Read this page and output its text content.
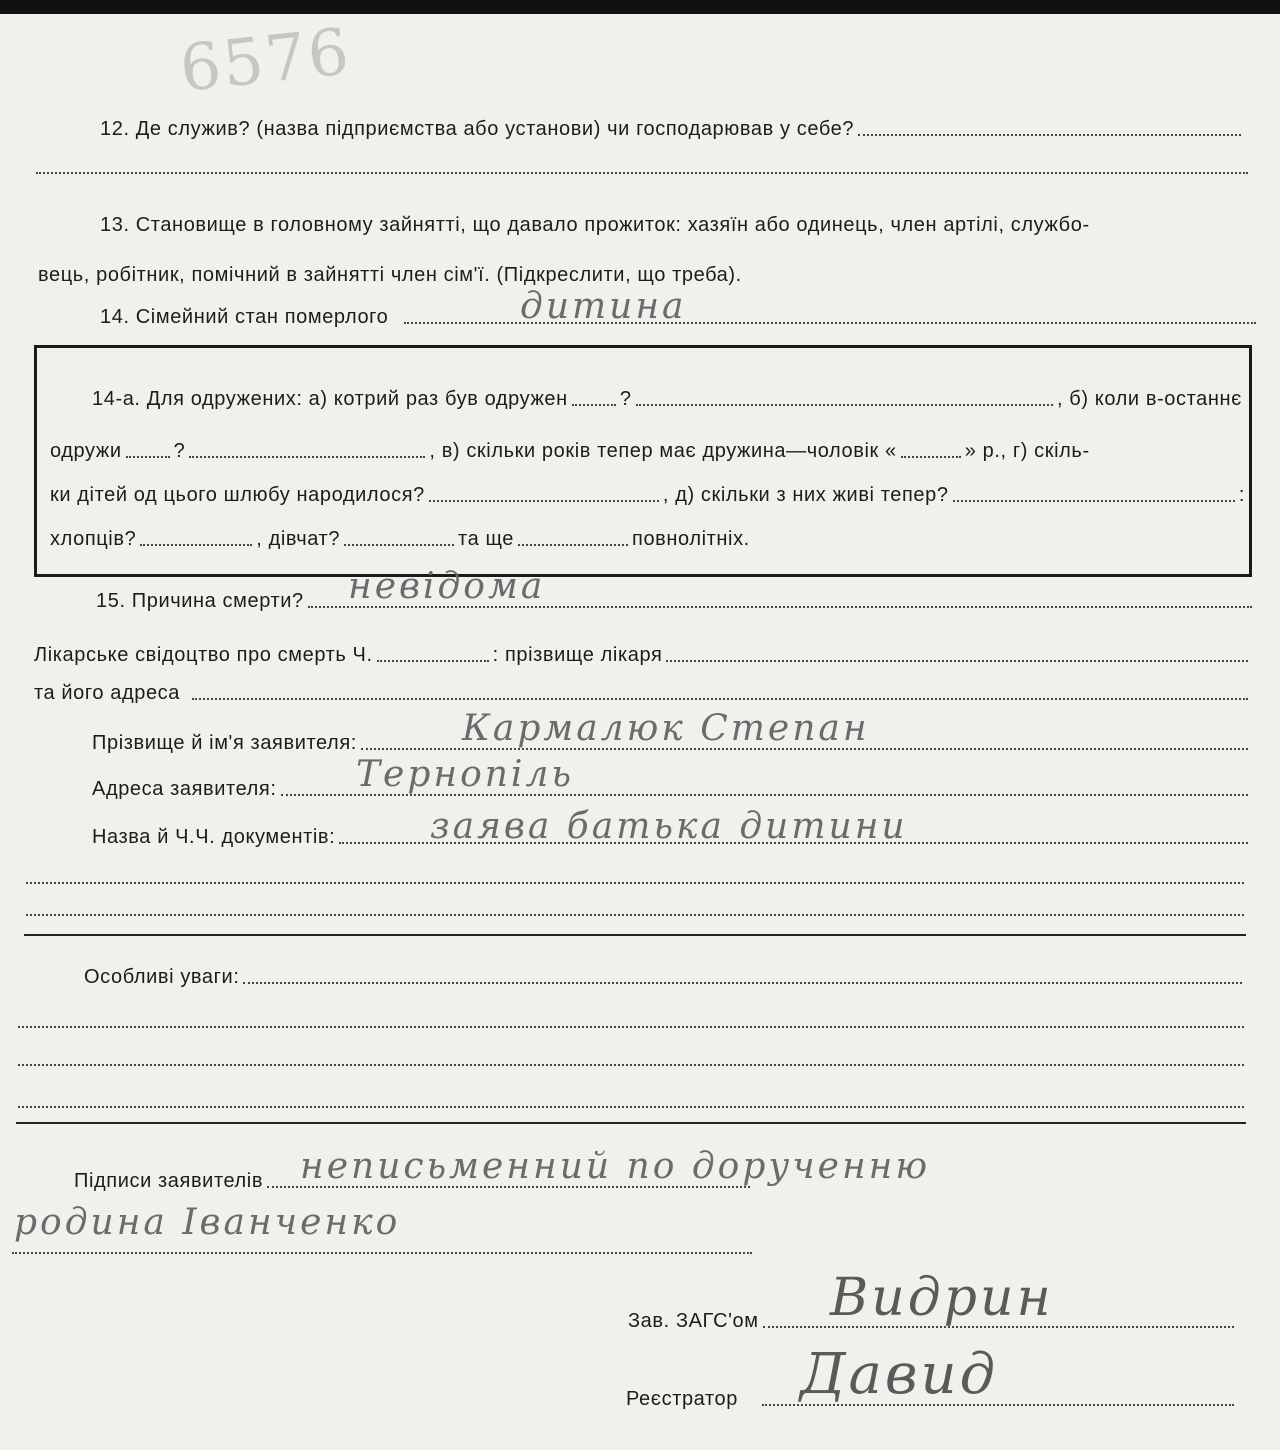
6576
12. Де служив? (назва підприємства або установи) чи господарював у себе?
13. Становище в головному зайнятті, що давало прожиток: хазяїн або одинець, член артілі, службо-
вець, робітник, помічний в зайнятті член сім'ї. (Підкреслити, що треба).
14. Сімейний стан померлого	дитина
14-а. Для одружених: а) котрий раз був одружен	?	, б) коли в-останнє
одружи	?	, в) скільки років тепер має дружина—чоловік «	» р., г) скіль-
ки дітей од цього шлюбу народилося?	, д) скільки з них живі тепер?	:
хлопців?	, дівчат?	та ще	повнолітніх.
15. Причина смерти? невідома
Лікарське свідоцтво про смерть Ч.	: прізвище лікаря
та його адреса
Прізвище й ім'я заявителя:	Кармалюк Степан
Адреса заявителя: Тернопіль
Назва й Ч.Ч. документів:	заява батька дитини
Особливі уваги:
Підписи заявителів неписьменний по дорученню
родина Іванченко
Зав. ЗАГС'ом Видрин
Реєстратор Давид
